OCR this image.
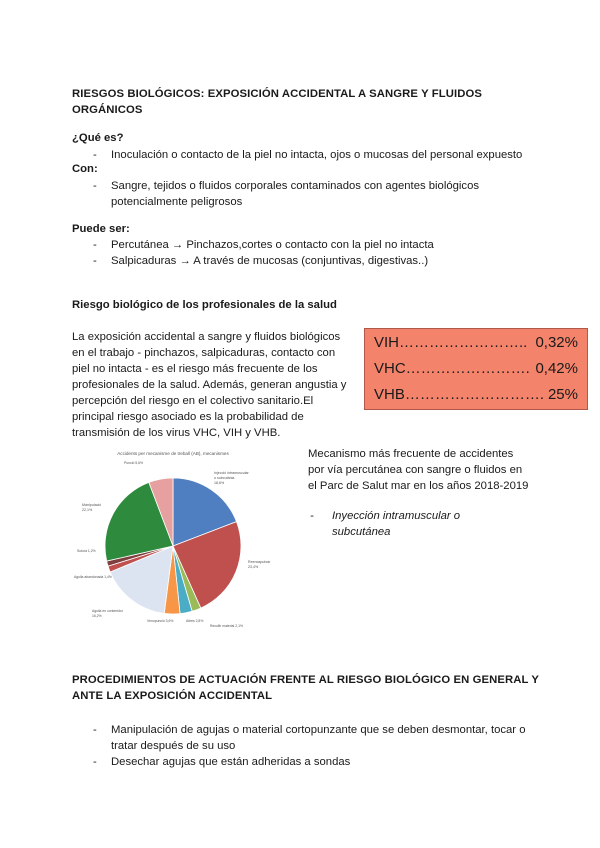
RIESGOS BIOLÓGICOS: EXPOSICIÓN ACCIDENTAL A SANGRE Y FLUIDOS
ORGÁNICOS
¿Qué es?
- Inoculación o contacto de la piel no intacta, ojos o mucosas del personal expuesto
Con:
- Sangre, tejidos o fluidos corporales contaminados con agentes biológicos potencialmente peligrosos
Puede ser:
- Percutánea → Pinchazos,cortes o contacto con la piel no intacta
- Salpicaduras → A través de mucosas (conjuntivas, digestivas..)
Riesgo biológico de los profesionales de la salud
La exposición accidental a sangre y fluidos biológicos en el trabajo - pinchazos, salpicaduras, contacto con piel no intacta - es el riesgo más frecuente de los profesionales de la salud. Además, generan angustia y percepción del riesgo en el colectivo sanitario.El principal riesgo asociado es la probabilidad de transmisión de los virus VHC, VIH y VHB.
VIH…………………….. 0,32%
VHC……………………. 0,42%
VHB………………………. 25%
Accidents per mecanisme de treball (AB), mecanismes
Injecció intramuscular o subcutània 18,6%
Reencaputxar 23,4%
Manipulació 22,1%
Sutura 1,2%
Agulla abandonada 1,4%
Agulla en contenidor 16,2%
Venopunció 3,6%	Altres 2,8%
Recollir material 2,1%
Punció 5,6%
Mecanismo más frecuente de accidentes por vía percutánea con sangre o fluidos en el Parc de Salut mar en los años 2018-2019
- Inyección intramuscular o subcutánea
PROCEDIMIENTOS DE ACTUACIÓN FRENTE AL RIESGO BIOLÓGICO EN GENERAL Y
ANTE LA EXPOSICIÓN ACCIDENTAL
- Manipulación de agujas o material cortopunzante que se deben desmontar, tocar o tratar después de su uso
- Desechar agujas que están adheridas a sondas
